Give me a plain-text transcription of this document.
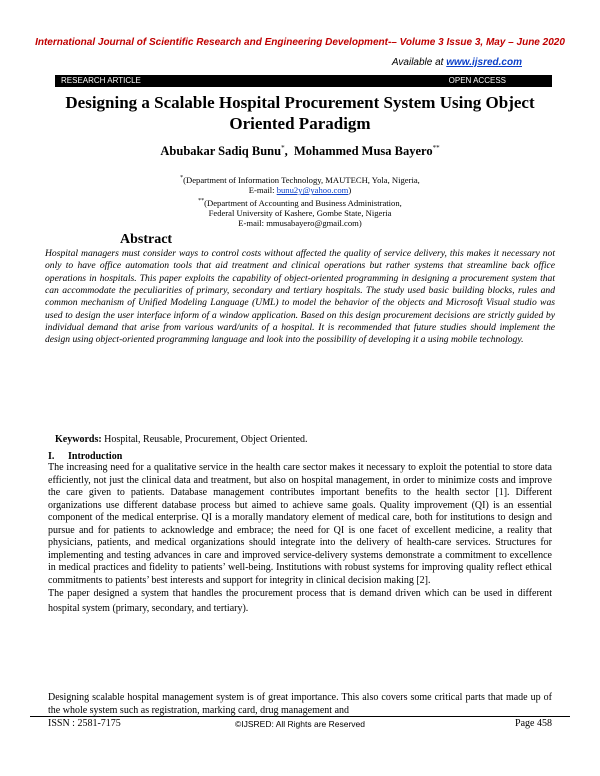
International Journal of Scientific Research and Engineering Development-– Volume 3 Issue 3, May – June 2020
Available at www.ijsred.com
RESEARCH ARTICLE	OPEN ACCESS
Designing a Scalable Hospital Procurement System Using Object Oriented Paradigm
Abubakar Sadiq Bunu*,  Mohammed Musa Bayero**
*(Department of Information Technology, MAUTECH, Yola, Nigeria,
E-mail: bunu2y@yahoo.com)
**(Department of Accounting and Business Administration,
Federal University of Kashere, Gombe State, Nigeria
E-mail: mmusabayero@gmail.com)
Abstract
Hospital managers must consider ways to control costs without affected the quality of service delivery, this makes it necessary not only to have office automation tools that aid treatment and clinical operations but rather systems that streamline back office operations in hospitals. This paper exploits the capability of object-oriented programming in designing a procurement system that can accommodate the peculiarities of primary, secondary and tertiary hospitals. The study used basic building blocks, rules and common mechanism of Unified Modeling Language (UML) to model the behavior of the objects and Microsoft Visual studio was used to design the user interface inform of a window application. Based on this design procurement decisions are strictly guided by individual demand that arise from various ward/units of a hospital. It is recommended that future studies should implement the design using object-oriented programming language and look into the possibility of developing it a using mobile technology.
Keywords: Hospital, Reusable, Procurement, Object Oriented.
I. Introduction

The increasing need for a qualitative service in the health care sector makes it necessary to exploit the potential to store data efficiently, not just the clinical data and treatment, but also on hospital management, in order to minimize costs and improve the care given to patients. Database management contributes important benefits to the health sector [1]. Different organizations use different database process but aimed to achieve same goals. Quality improvement (QI) is an essential component of the medical enterprise. QI is a morally mandatory element of medical care, both for institutions to design and pursue and for patients to acknowledge and embrace; the need for QI is one facet of excellent medicine, a reality that physicians, patients, and medical organizations should integrate into the delivery of health-care services. Structures for implementing and testing advances in care and improved service-delivery systems demonstrate a commitment to excellence in medical practices and fidelity to patients’ well-being. Institutions with robust systems for improving quality reflect ethical commitments to patients’ best interests and support for integrity in clinical decision making [2].

The paper designed a system that handles the procurement process that is demand driven which can be used in different hospital system (primary, secondary, and tertiary).

Designing scalable hospital management system is of great importance. This also covers some critical parts that made up of the whole system such as registration, marking card, drug management and

ISSN : 2581-7175	©IJSRED: All Rights are Reserved	Page 458
